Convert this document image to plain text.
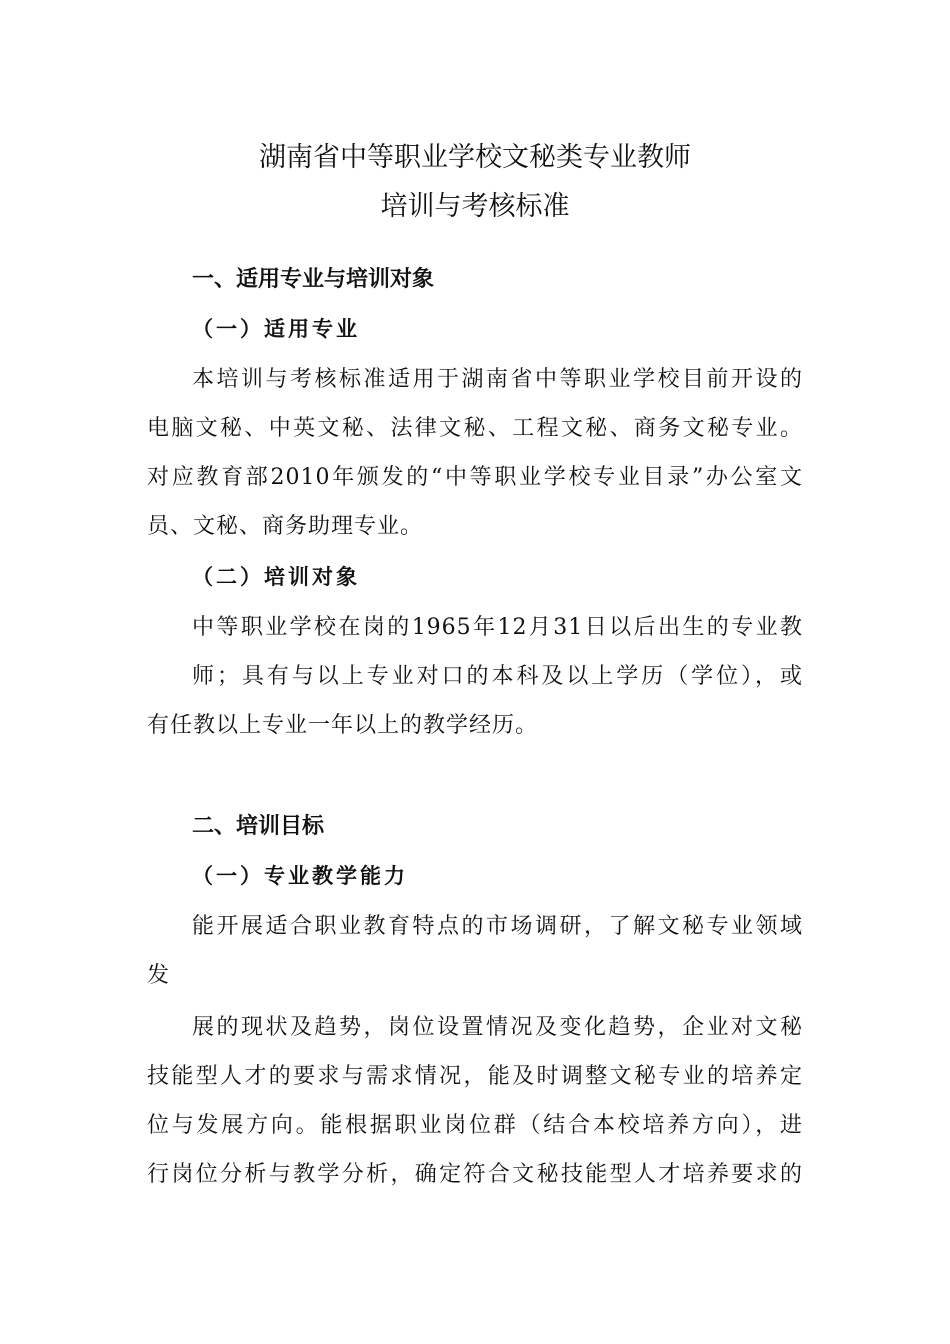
湖南省中等职业学校文秘类专业教师
培训与考核标准
一、适用专业与培训对象
（一）适用专业
本培训与考核标准适用于湖南省中等职业学校目前开设的
电脑文秘、中英文秘、法律文秘、工程文秘、商务文秘专业。
对应教育部2010年颁发的“中等职业学校专业目录”办公室文
员、文秘、商务助理专业。
（二）培训对象
中等职业学校在岗的1965年12月31日以后出生的专业教
师；具有与以上专业对口的本科及以上学历（学位），或
有任教以上专业一年以上的教学经历。
二、培训目标
（一）专业教学能力
能开展适合职业教育特点的市场调研，了解文秘专业领域
发
展的现状及趋势，岗位设置情况及变化趋势，企业对文秘
技能型人才的要求与需求情况，能及时调整文秘专业的培养定
位与发展方向。能根据职业岗位群（结合本校培养方向），进
行岗位分析与教学分析，确定符合文秘技能型人才培养要求的
